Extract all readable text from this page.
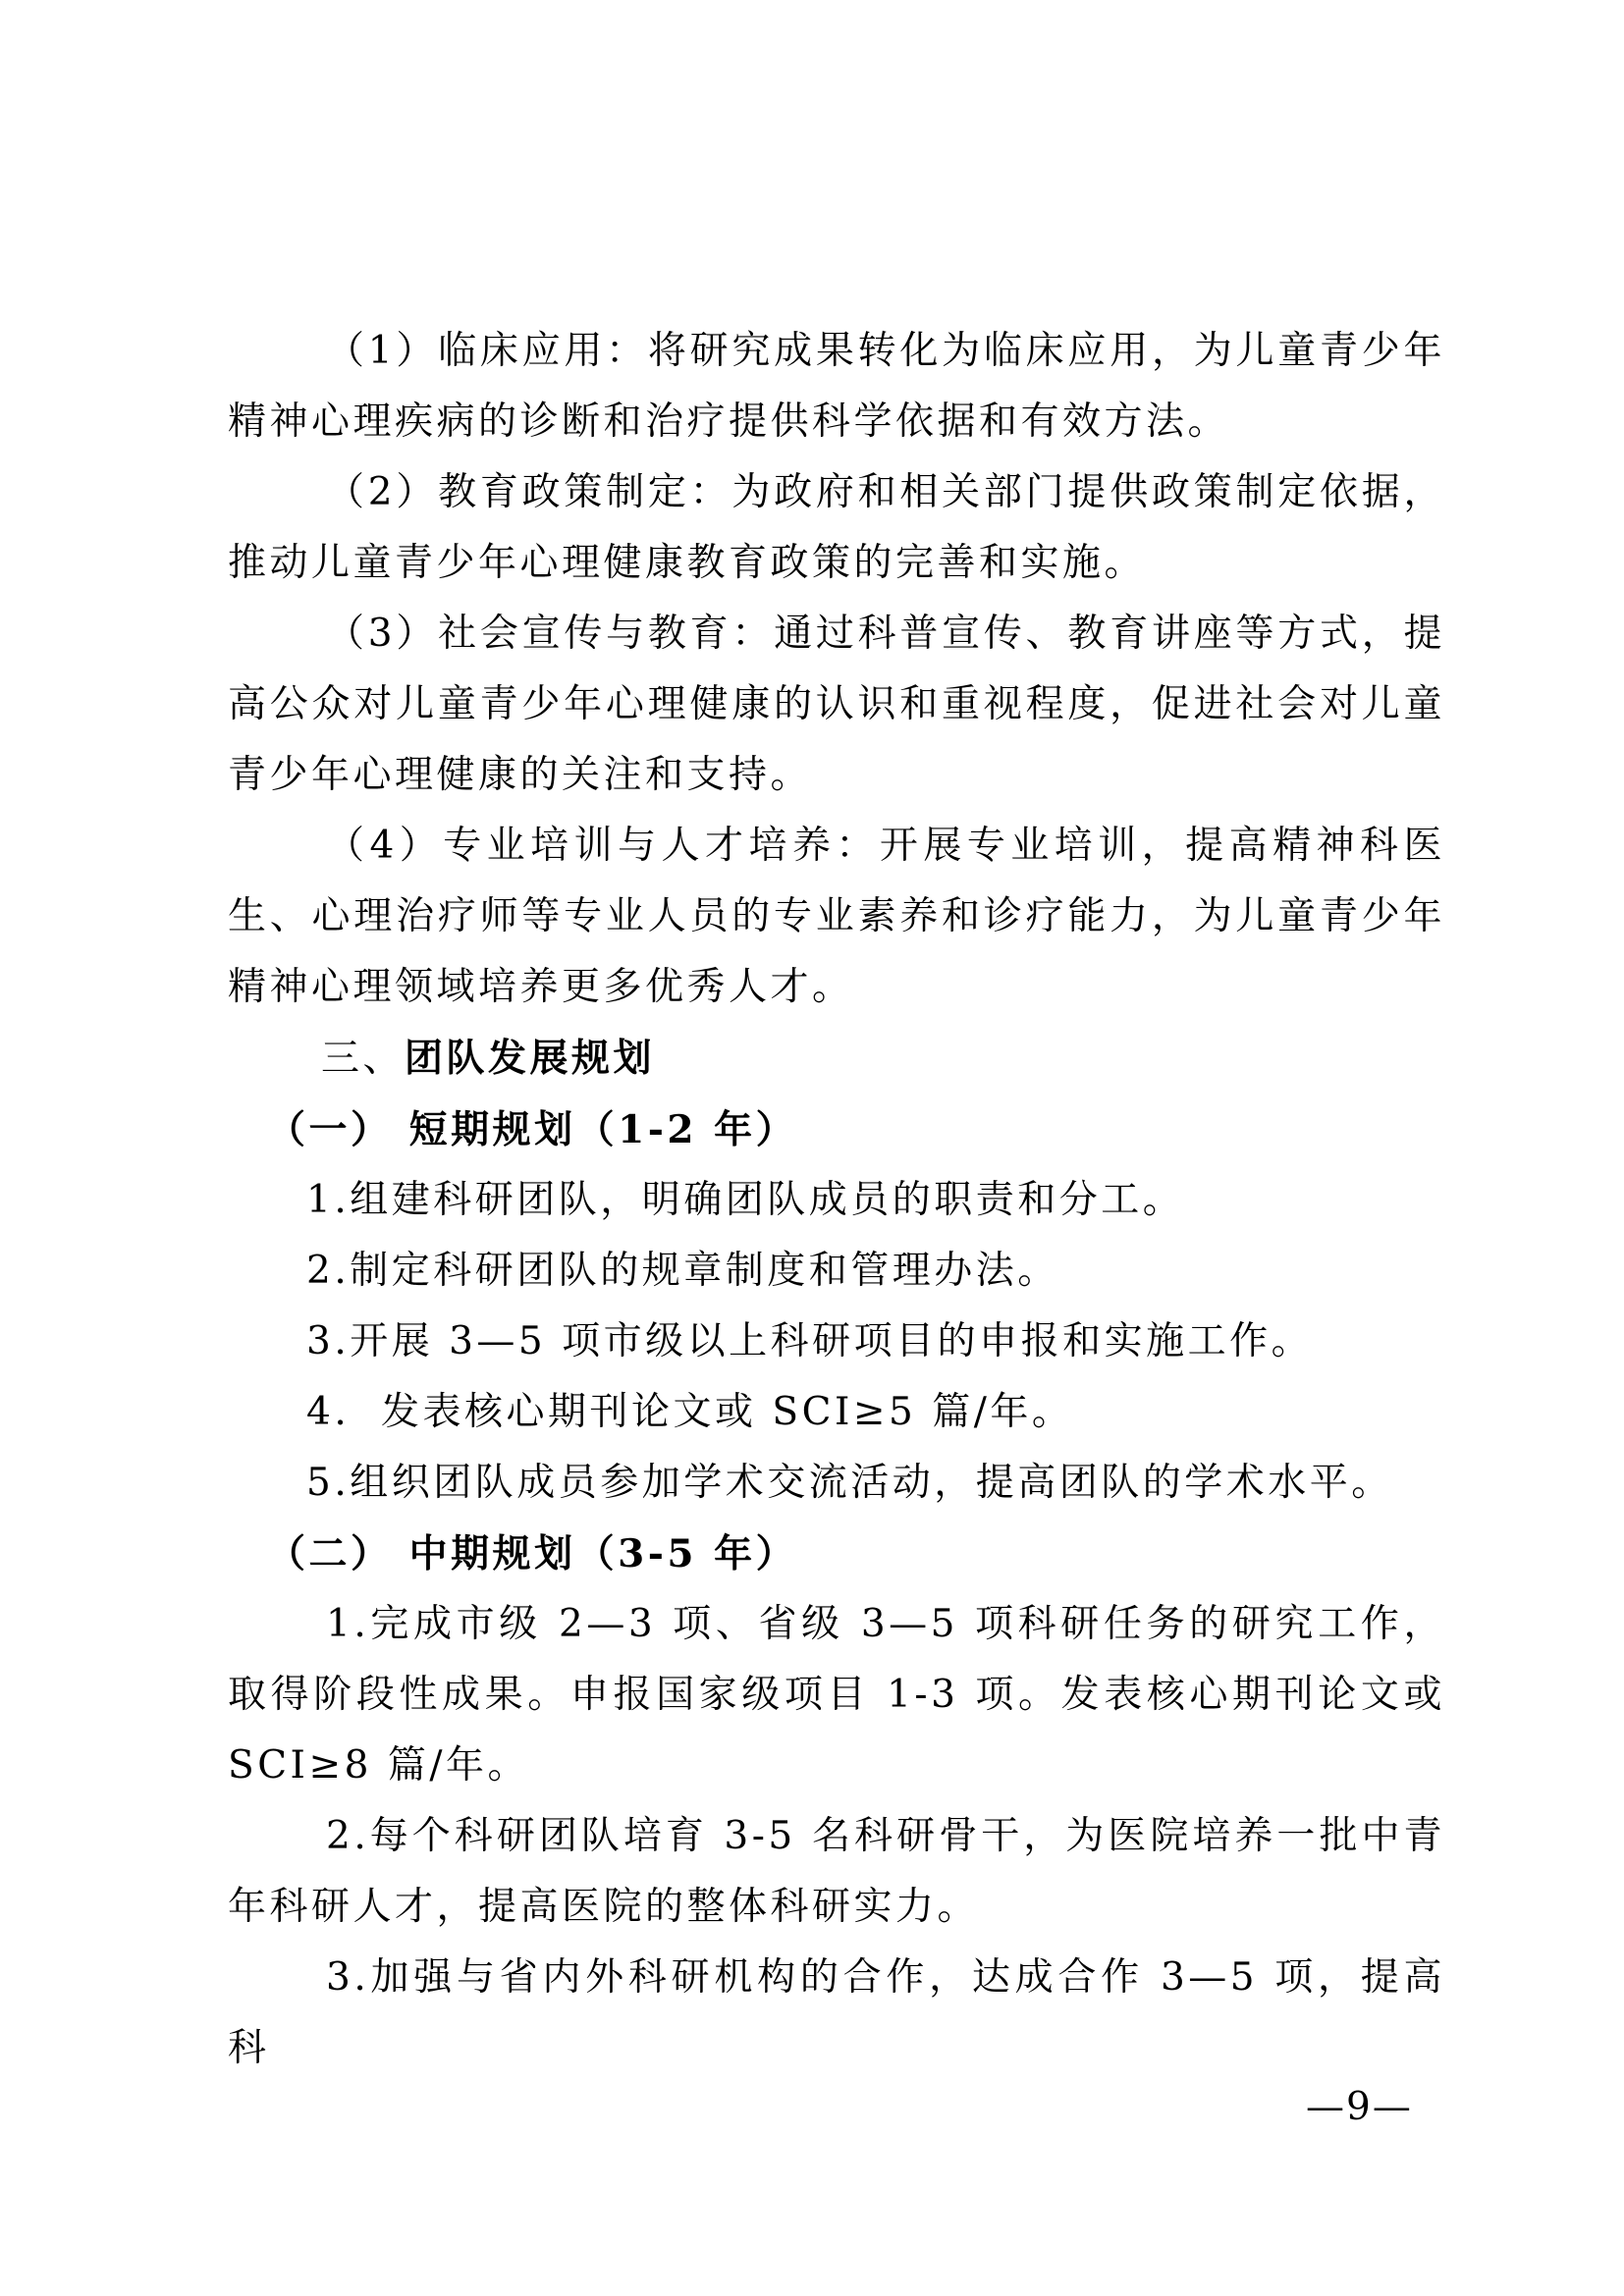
（1）临床应用：将研究成果转化为临床应用，为儿童青少年精神心理疾病的诊断和治疗提供科学依据和有效方法。

（2）教育政策制定：为政府和相关部门提供政策制定依据，推动儿童青少年心理健康教育政策的完善和实施。

（3）社会宣传与教育：通过科普宣传、教育讲座等方式，提高公众对儿童青少年心理健康的认识和重视程度，促进社会对儿童青少年心理健康的关注和支持。

（4）专业培训与人才培养：开展专业培训，提高精神科医生、心理治疗师等专业人员的专业素养和诊疗能力，为儿童青少年精神心理领域培养更多优秀人才。

三、团队发展规划

（一） 短期规划（1-2 年）

1.组建科研团队，明确团队成员的职责和分工。

2.制定科研团队的规章制度和管理办法。

3.开展 3—5 项市级以上科研项目的申报和实施工作。

4.  发表核心期刊论文或 SCI≥5 篇/年。

5.组织团队成员参加学术交流活动，提高团队的学术水平。

（二） 中期规划（3-5 年）

1.完成市级 2—3 项、省级 3—5 项科研任务的研究工作，取得阶段性成果。申报国家级项目 1-3 项。发表核心期刊论文或 SCI≥8 篇/年。

2.每个科研团队培育 3-5 名科研骨干，为医院培养一批中青年科研人才，提高医院的整体科研实力。

3.加强与省内外科研机构的合作，达成合作 3—5 项，提高科

—9—
